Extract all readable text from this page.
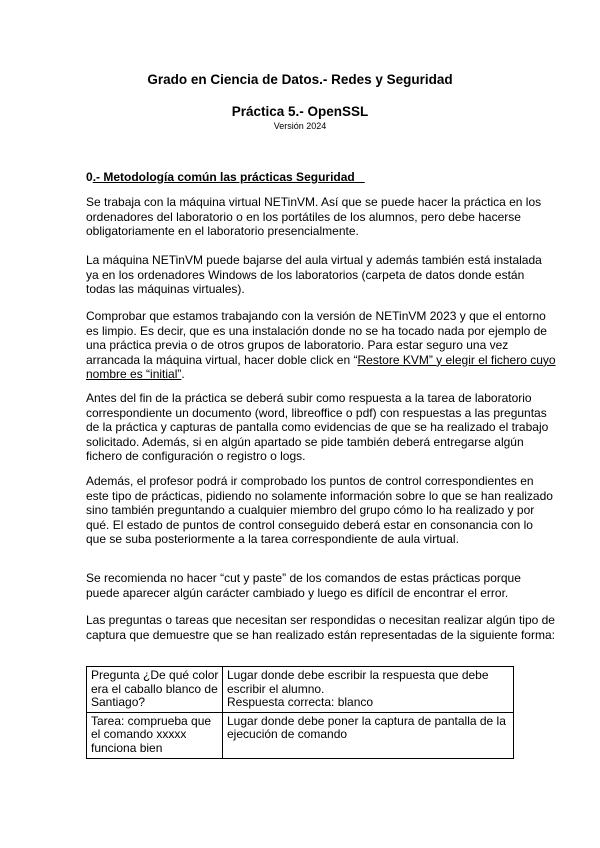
Grado en Ciencia de Datos.- Redes y Seguridad
Práctica 5.- OpenSSL

Versión 2024

0.- Metodología común las prácticas Seguridad

Se trabaja con la máquina virtual NETinVM. Así que se puede hacer la práctica en los ordenadores del laboratorio o en los portátiles de los alumnos, pero debe hacerse obligatoriamente en el laboratorio presencialmente.

La máquina NETinVM puede bajarse del aula virtual y además también está instalada ya en los ordenadores Windows de los laboratorios (carpeta de datos donde están todas las máquinas virtuales).

Comprobar que estamos trabajando con la versión de NETinVM 2023 y que el entorno es limpio. Es decir, que es una instalación donde no se ha tocado nada por ejemplo de una práctica previa o de otros grupos de laboratorio. Para estar seguro una vez arrancada la máquina virtual, hacer doble click en “Restore KVM” y elegir el fichero cuyo nombre es “initial”.

Antes del fin de la práctica se deberá subir como respuesta a la tarea de laboratorio correspondiente un documento (word, libreoffice o pdf) con respuestas a las preguntas de la práctica y capturas de pantalla como evidencias de que se ha realizado el trabajo solicitado. Además, si en algún apartado se pide también deberá entregarse algún fichero de configuración o registro o logs.

Además, el profesor podrá ir comprobado los puntos de control correspondientes en este tipo de prácticas, pidiendo no solamente información sobre lo que se han realizado sino también preguntando a cualquier miembro del grupo cómo lo ha realizado y por qué. El estado de puntos de control conseguido deberá estar en consonancia con lo que se suba posteriormente a la tarea correspondiente de aula virtual.

Se recomienda no hacer “cut y paste” de los comandos de estas prácticas porque puede aparecer algún carácter cambiado y luego es difícil de encontrar el error.

Las preguntas o tareas que necesitan ser respondidas o necesitan realizar algún tipo de captura que demuestre que se han realizado están representadas de la siguiente forma:

Pregunta ¿De qué color era el caballo blanco de Santiago?	Lugar donde debe escribir la respuesta que debe escribir el alumno.
Respuesta correcta: blanco
Tarea: comprueba que el comando xxxxx funciona bien	Lugar donde debe poner la captura de pantalla de la ejecución de comando
